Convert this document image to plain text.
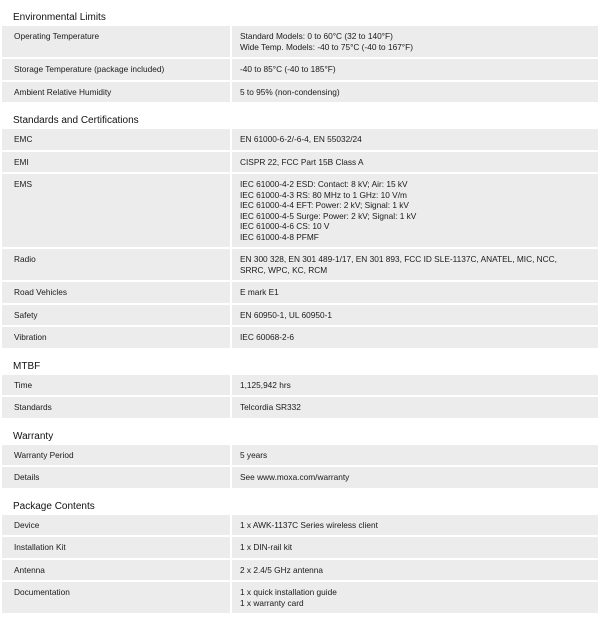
Environmental Limits
Operating Temperature	Standard Models: 0 to 60°C (32 to 140°F)
Wide Temp. Models: -40 to 75°C (-40 to 167°F)
Storage Temperature (package included)	-40 to 85°C (-40 to 185°F)
Ambient Relative Humidity	5 to 95% (non-condensing)
Standards and Certifications
EMC	EN 61000-6-2/-6-4, EN 55032/24
EMI	CISPR 22, FCC Part 15B Class A
EMS	IEC 61000-4-2 ESD: Contact: 8 kV; Air: 15 kV
IEC 61000-4-3 RS: 80 MHz to 1 GHz: 10 V/m
IEC 61000-4-4 EFT: Power: 2 kV; Signal: 1 kV
IEC 61000-4-5 Surge: Power: 2 kV; Signal: 1 kV
IEC 61000-4-6 CS: 10 V
IEC 61000-4-8 PFMF
Radio	EN 300 328, EN 301 489-1/17, EN 301 893, FCC ID SLE-1137C, ANATEL, MIC, NCC,
SRRC, WPC, KC, RCM
Road Vehicles	E mark E1
Safety	EN 60950-1, UL 60950-1
Vibration	IEC 60068-2-6
MTBF
Time	1,125,942 hrs
Standards	Telcordia SR332
Warranty
Warranty Period	5 years
Details	See www.moxa.com/warranty
Package Contents
Device	1 x AWK-1137C Series wireless client
Installation Kit	1 x DIN-rail kit
Antenna	2 x 2.4/5 GHz antenna
Documentation	1 x quick installation guide
1 x warranty card
